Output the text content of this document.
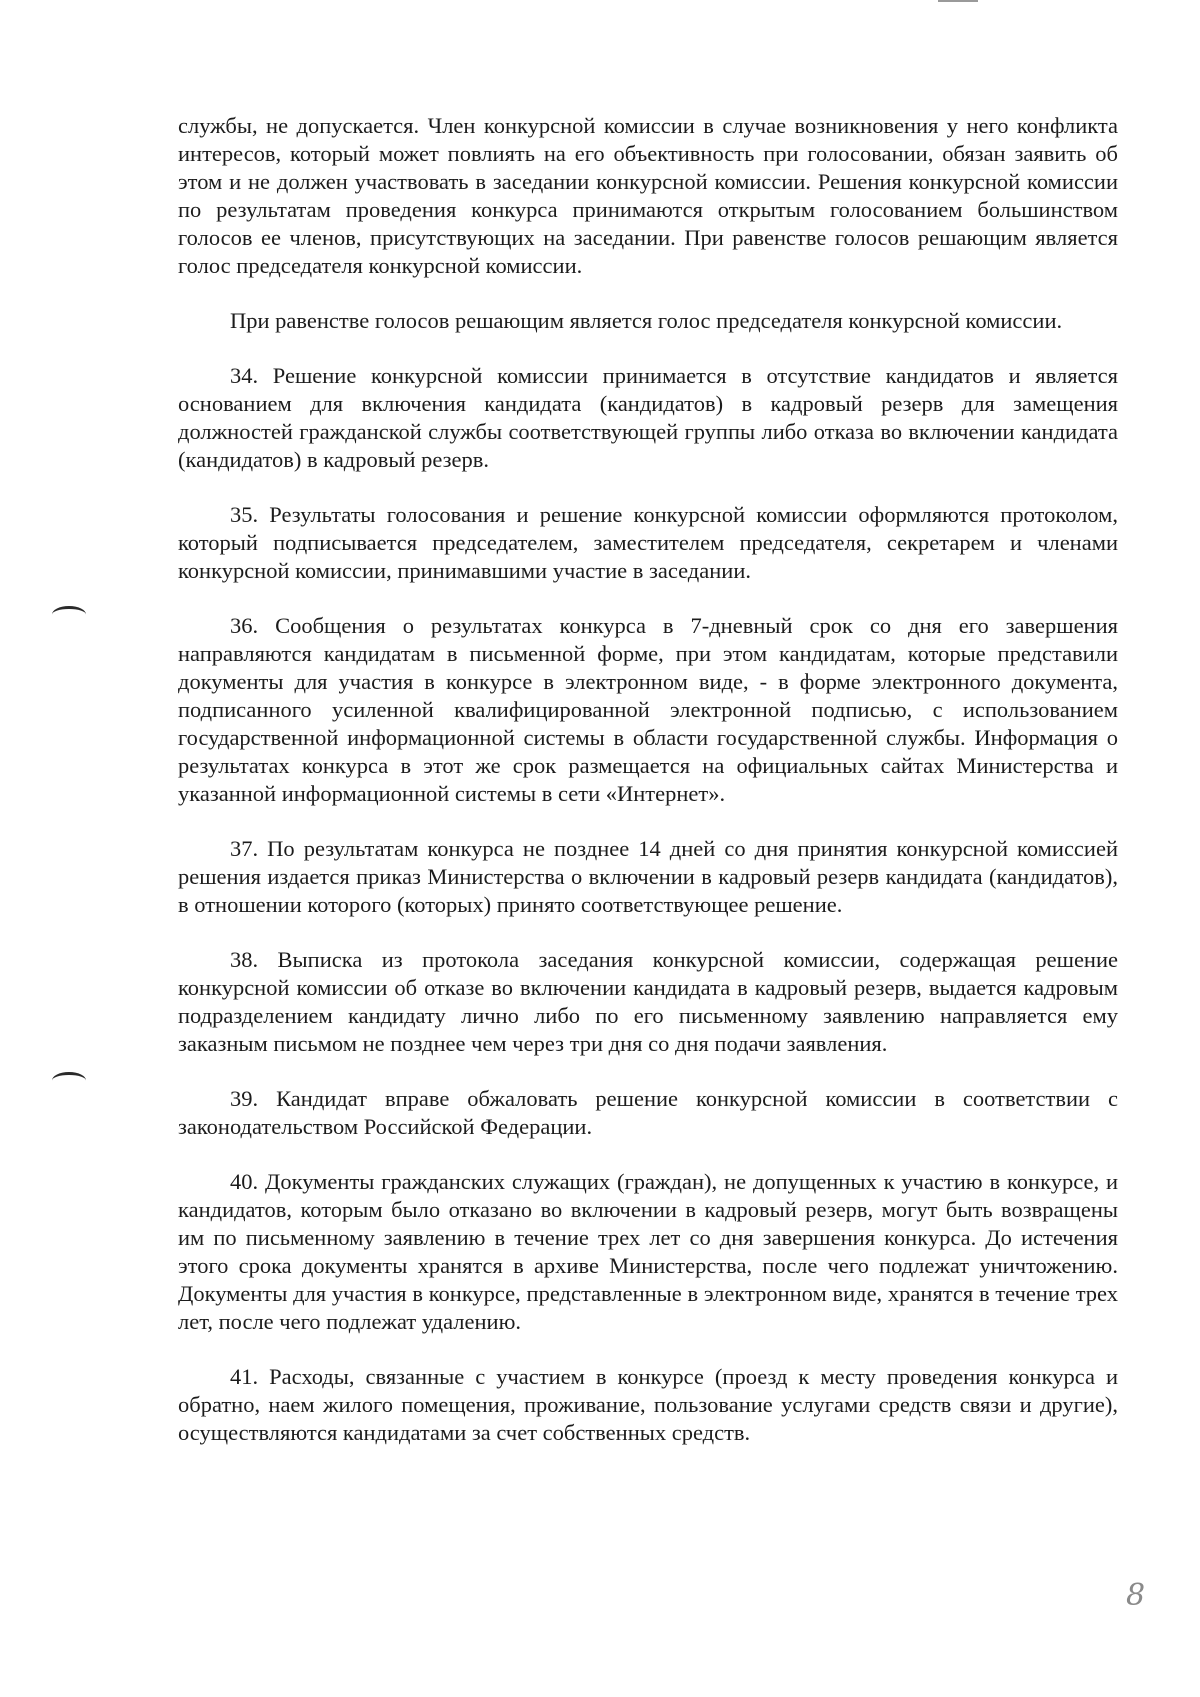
службы, не допускается. Член конкурсной комиссии в случае возникновения у него конфликта интересов, который может повлиять на его объективность при голосовании, обязан заявить об этом и не должен участвовать в заседании конкурсной комиссии. Решения конкурсной комиссии по результатам проведения конкурса принимаются открытым голосованием большинством голосов ее членов, присутствующих на заседании. При равенстве голосов решающим является голос председателя конкурсной комиссии.

При равенстве голосов решающим является голос председателя конкурсной комиссии.

34. Решение конкурсной комиссии принимается в отсутствие кандидатов и является основанием для включения кандидата (кандидатов) в кадровый резерв для замещения должностей гражданской службы соответствующей группы либо отказа во включении кандидата (кандидатов) в кадровый резерв.

35. Результаты голосования и решение конкурсной комиссии оформляются протоколом, который подписывается председателем, заместителем председателя, секретарем и членами конкурсной комиссии, принимавшими участие в заседании.

36. Сообщения о результатах конкурса в 7-дневный срок со дня его завершения направляются кандидатам в письменной форме, при этом кандидатам, которые представили документы для участия в конкурсе в электронном виде, - в форме электронного документа, подписанного усиленной квалифицированной электронной подписью, с использованием государственной информационной системы в области государственной службы. Информация о результатах конкурса в этот же срок размещается на официальных сайтах Министерства и указанной информационной системы в сети «Интернет».

37. По результатам конкурса не позднее 14 дней со дня принятия конкурсной комиссией решения издается приказ Министерства о включении в кадровый резерв кандидата (кандидатов), в отношении которого (которых) принято соответствующее решение.

38. Выписка из протокола заседания конкурсной комиссии, содержащая решение конкурсной комиссии об отказе во включении кандидата в кадровый резерв, выдается кадровым подразделением кандидату лично либо по его письменному заявлению направляется ему заказным письмом не позднее чем через три дня со дня подачи заявления.

39. Кандидат вправе обжаловать решение конкурсной комиссии в соответствии с законодательством Российской Федерации.

40. Документы гражданских служащих (граждан), не допущенных к участию в конкурсе, и кандидатов, которым было отказано во включении в кадровый резерв, могут быть возвращены им по письменному заявлению в течение трех лет со дня завершения конкурса. До истечения этого срока документы хранятся в архиве Министерства, после чего подлежат уничтожению. Документы для участия в конкурсе, представленные в электронном виде, хранятся в течение трех лет, после чего подлежат удалению.

41. Расходы, связанные с участием в конкурсе (проезд к месту проведения конкурса и обратно, наем жилого помещения, проживание, пользование услугами средств связи и другие), осуществляются кандидатами за счет собственных средств.

8
